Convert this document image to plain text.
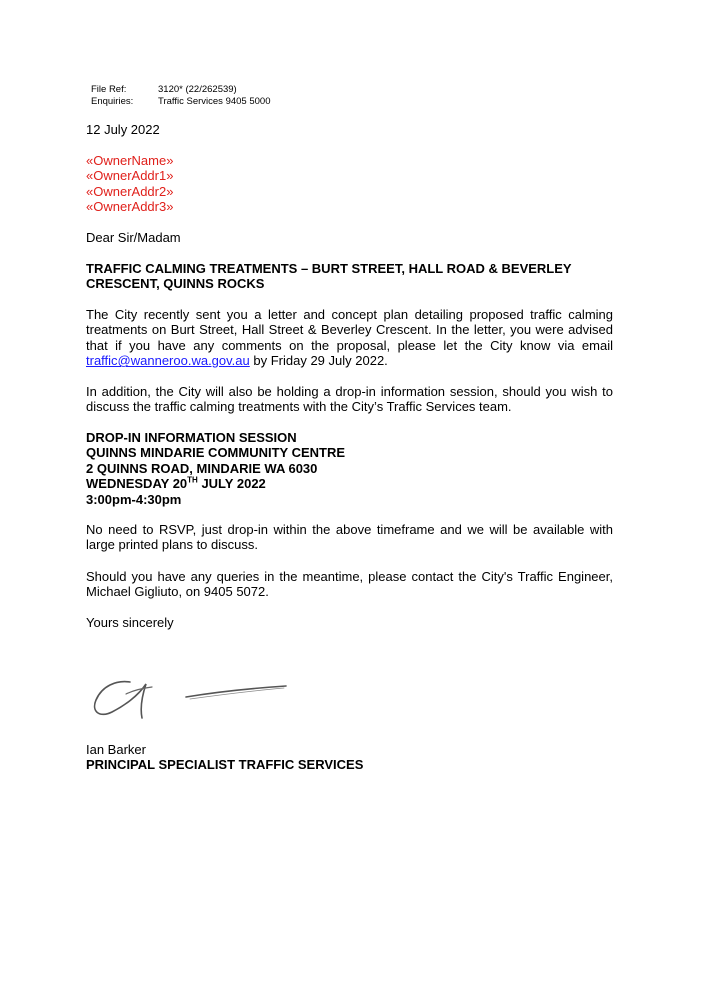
File Ref:	3120* (22/262539)
Enquiries:	Traffic Services 9405 5000
12 July 2022
«OwnerName»
«OwnerAddr1»
«OwnerAddr2»
«OwnerAddr3»
Dear Sir/Madam
TRAFFIC CALMING TREATMENTS – BURT STREET, HALL ROAD & BEVERLEY
CRESCENT, QUINNS ROCKS
The City recently sent you a letter and concept plan detailing proposed traffic calming treatments on Burt Street, Hall Street & Beverley Crescent. In the letter, you were advised that if you have any comments on the proposal, please let the City know via email traffic@wanneroo.wa.gov.au by Friday 29 July 2022.
In addition, the City will also be holding a drop-in information session, should you wish to discuss the traffic calming treatments with the City’s Traffic Services team.
DROP-IN INFORMATION SESSION
QUINNS MINDARIE COMMUNITY CENTRE
2 QUINNS ROAD, MINDARIE WA 6030
WEDNESDAY 20TH JULY 2022
3:00pm-4:30pm
No need to RSVP, just drop-in within the above timeframe and we will be available with large printed plans to discuss.
Should you have any queries in the meantime, please contact the City's Traffic Engineer, Michael Gigliuto, on 9405 5072.
Yours sincerely
Ian Barker
PRINCIPAL SPECIALIST TRAFFIC SERVICES
